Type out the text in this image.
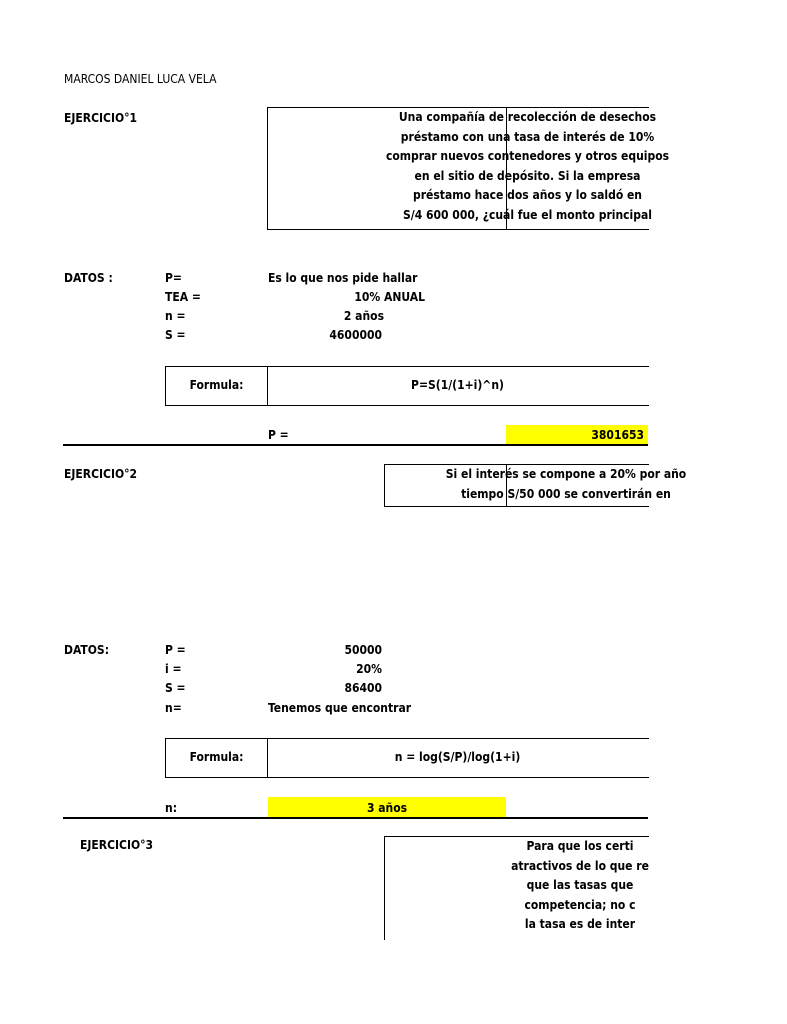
MARCOS DANIEL LUCA VELA
EJERCICIO°1	Una compañía de recolección de desechos
préstamo con una tasa de interés de 10%
comprar nuevos contenedores y otros equipos
en el sitio de depósito. Si la empresa
préstamo hace dos años y lo saldó en
S/4 600 000, ¿cuál fue el monto principal
DATOS :	P=	Es lo que nos pide hallar
TEA =	10% ANUAL
n =	2 años
S =	4600000
Formula:	P=S(1/(1+i)^n)
P =	3801653
EJERCICIO°2	Si el interés se compone a 20% por año
tiempo S/50 000 se convertirán en
DATOS:	P =	50000
i =	20%
S =	86400
n=	Tenemos que encontrar
Formula:	n = log(S/P)/log(1+i)
n:	3 años
EJERCICIO°3	Para que los certi
atractivos de lo que re
que las tasas que
competencia; no c
la tasa es de inter
